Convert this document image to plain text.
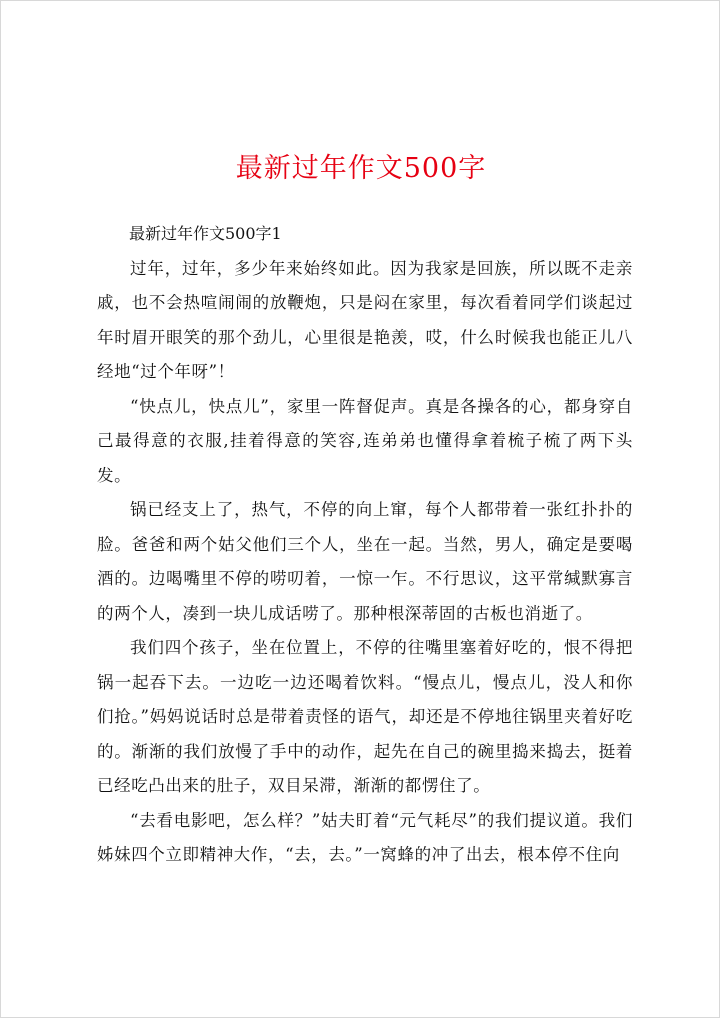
最新过年作文500字

最新过年作文500字1

过年，过年，多少年来始终如此。因为我家是回族，所以既不走亲戚，也不会热喧闹闹的放鞭炮，只是闷在家里，每次看着同学们谈起过年时眉开眼笑的那个劲儿，心里很是艳羡，哎，什么时候我也能正儿八经地“过个年呀”！

“快点儿，快点儿”，家里一阵督促声。真是各操各的心，都身穿自己最得意的衣服,挂着得意的笑容,连弟弟也懂得拿着梳子梳了两下头发。

锅已经支上了，热气，不停的向上窜，每个人都带着一张红扑扑的脸。爸爸和两个姑父他们三个人，坐在一起。当然，男人，确定是要喝酒的。边喝嘴里不停的唠叨着，一惊一乍。不行思议，这平常缄默寡言的两个人，凑到一块儿成话唠了。那种根深蒂固的古板也消逝了。

我们四个孩子，坐在位置上，不停的往嘴里塞着好吃的，恨不得把锅一起吞下去。一边吃一边还喝着饮料。“慢点儿，慢点儿，没人和你们抢。”妈妈说话时总是带着责怪的语气，却还是不停地往锅里夹着好吃的。渐渐的我们放慢了手中的动作，起先在自己的碗里捣来捣去，挺着已经吃凸出来的肚子，双目呆滞，渐渐的都愣住了。

“去看电影吧，怎么样？”姑夫盯着“元气耗尽”的我们提议道。我们姊妹四个立即精神大作，“去，去。”一窝蜂的冲了出去，根本停不住向
